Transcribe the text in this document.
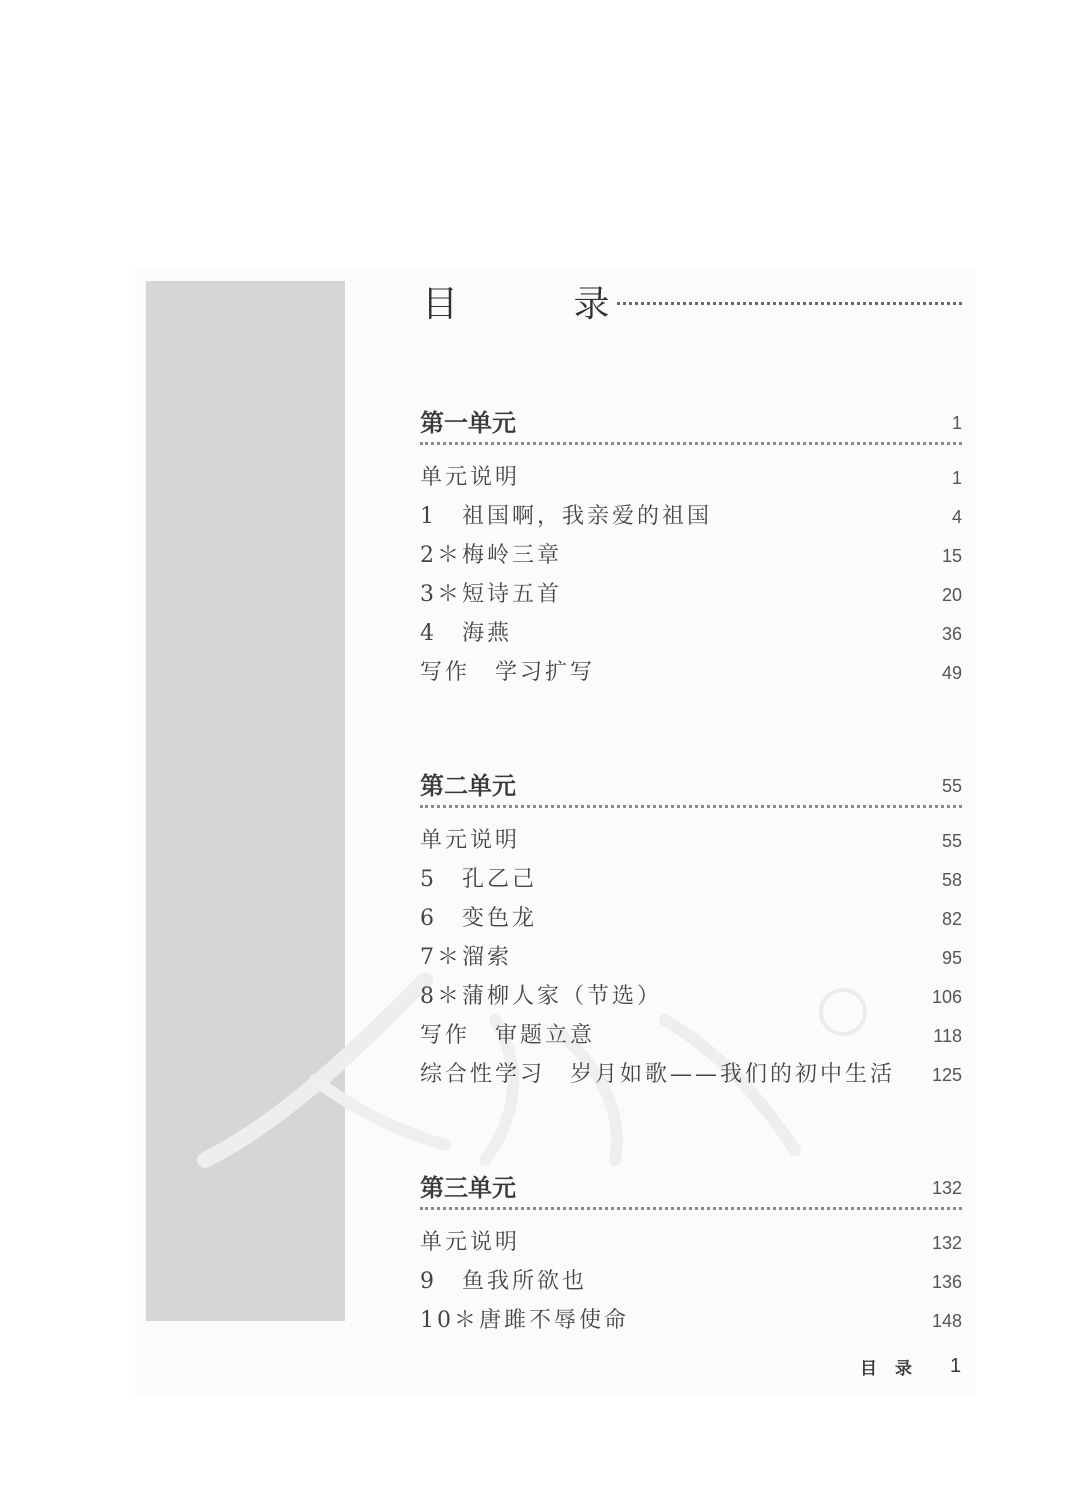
目 录
第一单元	1
单元说明	1
1　祖国啊，我亲爱的祖国	4
2＊梅岭三章	15
3＊短诗五首	20
4　海燕	36
写作　学习扩写	49
第二单元	55
单元说明	55
5　孔乙己	58
6　变色龙	82
7＊溜索	95
8＊蒲柳人家（节选）	106
写作　审题立意	118
综合性学习　岁月如歌——我们的初中生活 125
第三单元	132
单元说明	132
9　鱼我所欲也	136
10＊唐雎不辱使命	148
目录 1
